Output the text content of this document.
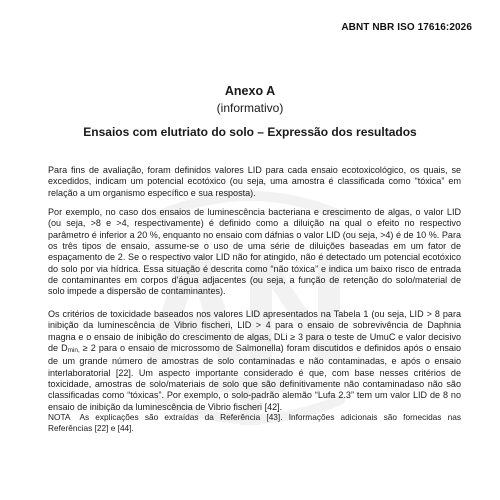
ABNT NBR ISO 17616:2026
Anexo A
(informativo)
Ensaios com elutriato do solo – Expressão dos resultados
Para fins de avaliação, foram definidos valores LID para cada ensaio ecotoxicológico, os quais, se excedidos, indicam um potencial ecotóxico (ou seja, uma amostra é classificada como “tóxica” em relação a um organismo específico e sua resposta).
Por exemplo, no caso dos ensaios de luminescência bacteriana e crescimento de algas, o valor LID (ou seja, >8 e >4, respectivamente) é definido como a diluição na qual o efeito no respectivo parâmetro é inferior a 20 %, enquanto no ensaio com dáfnias o valor LID (ou seja, >4) é de 10 %. Para os três tipos de ensaio, assume-se o uso de uma série de diluições baseadas em um fator de espaçamento de 2. Se o respectivo valor LID não for atingido, não é detectado um potencial ecotóxico do solo por via hídrica. Essa situação é descrita como “não tóxica” e indica um baixo risco de entrada de contaminantes em corpos d'água adjacentes (ou seja, a função de retenção do solo/material de solo impede a dispersão de contaminantes).
Os critérios de toxicidade baseados nos valores LID apresentados na Tabela 1 (ou seja, LID > 8 para inibição da luminescência de Vibrio fischeri, LID > 4 para o ensaio de sobrevivência de Daphnia magna e o ensaio de inibição do crescimento de algas, DLi ≥ 3 para o teste de UmuC e valor decisivo de $D_{min,} \ge 2$ para o ensaio de microssomo de Salmonella) foram discutidos e definidos após o ensaio de um grande número de amostras de solo contaminadas e não contaminadas, e após o ensaio interlaboratorial [22]. Um aspecto importante considerado é que, com base nesses critérios de toxicidade, amostras de solo/materiais de solo que são definitivamente não contaminadaso não são classificadas como “tóxicas”. Por exemplo, o solo-padrão alemão “Lufa 2.3” tem um valor LID de 8 no ensaio de inibição da luminescência de Vibrio fischeri [42].
NOTA As explicações são extraídas da Referência [43]. Informações adicionais são fornecidas nas Referências [22] e [44].
